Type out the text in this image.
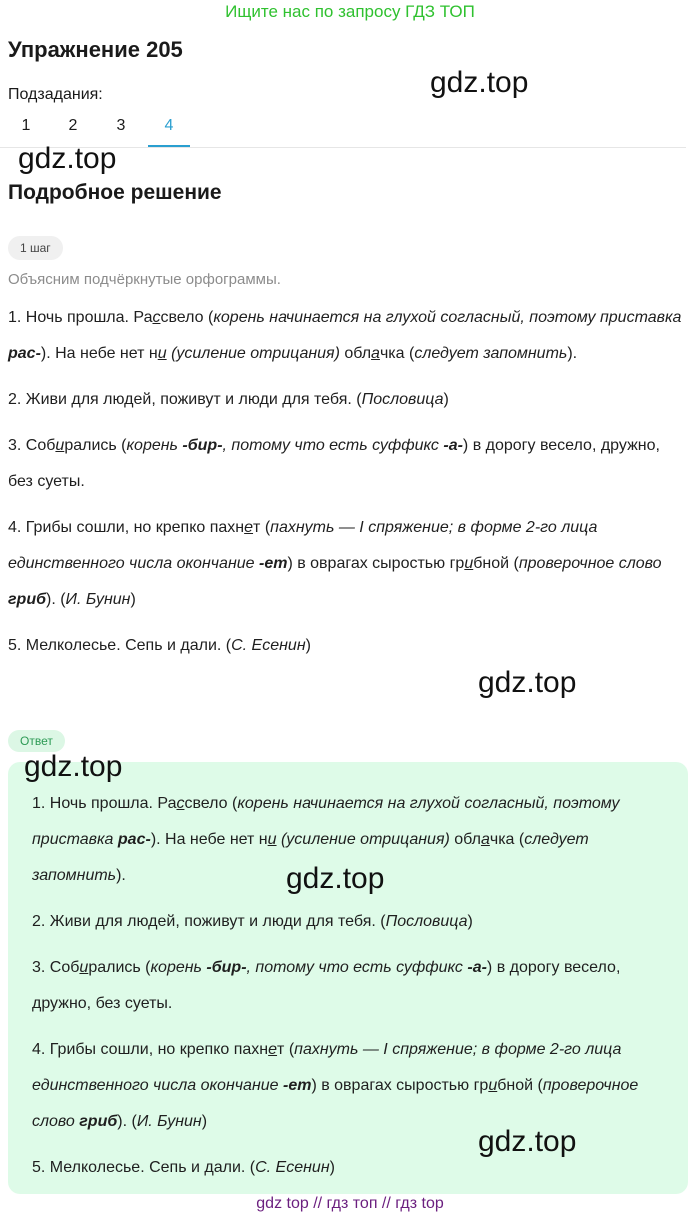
Ищите нас по запросу ГДЗ ТОП
Упражнение 205
gdz.top
Подзадания:
1	2	3	4
gdz.top
Подробное решение
1 шаг
Объясним подчёркнутые орфограммы.

1. Ночь прошла. Рассвело (корень начинается на глухой согласный, поэтому приставка рас-). На небе нет ни (усиление отрицания) облачка (следует запомнить).

2. Живи для людей, поживут и люди для тебя. (Пословица)

3. Собирались (корень -бир-, потому что есть суффикс -а-) в дорогу весело, дружно, без суеты.

4. Грибы сошли, но крепко пахнет (пахнуть — I спряжение; в форме 2-го лица единственного числа окончание -ет) в оврагах сыростью грибной (проверочное слово гриб). (И. Бунин)

5. Мелколесье. Сепь и дали. (С. Есенин)

gdz.top
Ответ

1. Ночь прошла. Рассвело (корень начинается на глухой согласный, поэтому приставка рас-). На небе нет ни (усиление отрицания) облачка (следует запомнить).

2. Живи для людей, поживут и люди для тебя. (Пословица)

3. Собирались (корень -бир-, потому что есть суффикс -а-) в дорогу весело, дружно, без суеты.

4. Грибы сошли, но крепко пахнет (пахнуть — I спряжение; в форме 2-го лица единственного числа окончание -ет) в оврагах сыростью грибной (проверочное слово гриб). (И. Бунин)

5. Мелколесье. Сепь и дали. (С. Есенин)

gdz.top
gdz.top
gdz.top
gdz top // гдз топ // гдз top
